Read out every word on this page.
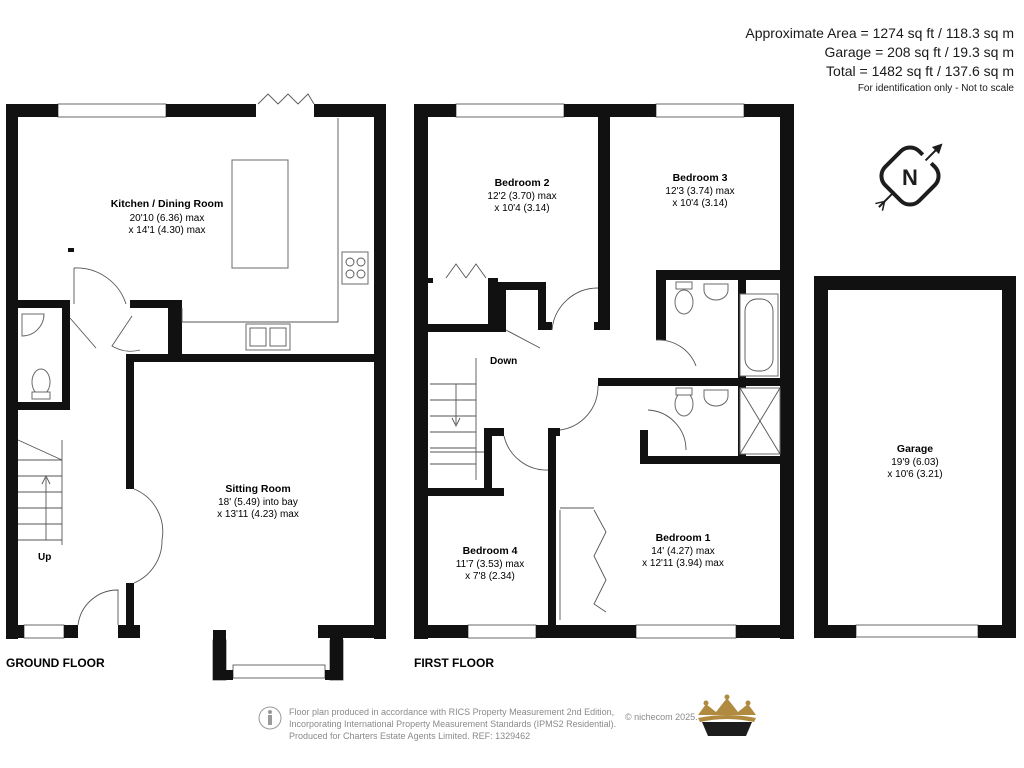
Approximate Area = 1274 sq ft / 118.3 sq m
Garage = 208 sq ft / 19.3 sq m
Total = 1482 sq ft / 137.6 sq m
For identification only - Not to scale
Up
Kitchen / Dining Room
20'10 (6.36) max
x 14'1 (4.30) max
Sitting Room
18' (5.49) into bay
x 13'11 (4.23) max
GROUND FLOOR
Down
Bedroom 2
12'2 (3.70) max
x 10'4 (3.14)
Bedroom 3
12'3 (3.74) max
x 10'4 (3.14)
Bedroom 1
14' (4.27) max
x 12'11 (3.94) max
Bedroom 4
11'7 (3.53) max
x 7'8 (2.34)
FIRST FLOOR
Garage
19'9 (6.03)
x 10'6 (3.21)
N
Floor plan produced in accordance with RICS Property Measurement 2nd Edition,
Incorporating International Property Measurement Standards (IPMS2 Residential).
Produced for Charters Estate Agents Limited. REF: 1329462
© nichecom 2025.
